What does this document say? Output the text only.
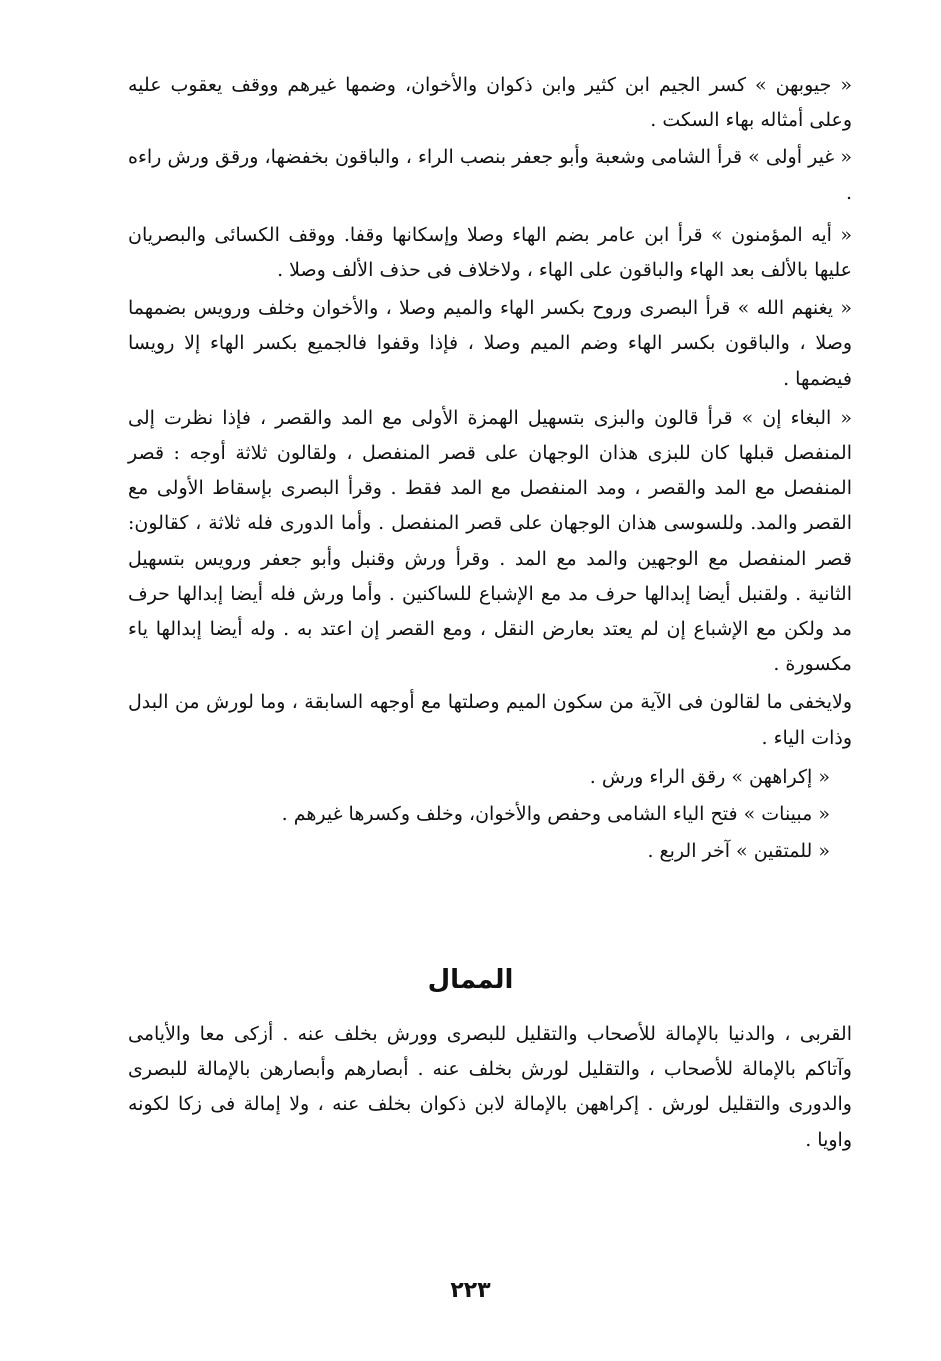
« جيوبهن » كسر الجيم ابن كثير وابن ذكوان والأخوان، وضمها غيرهم ووقف يعقوب عليه وعلى أمثاله بهاء السكت .

« غير أولى » قرأ الشامى وشعبة وأبو جعفر بنصب الراء ، والباقون بخفضها، ورقق ورش راءه .

« أيه المؤمنون » قرأ ابن عامر بضم الهاء وصلا وإسكانها وقفا. ووقف الكسائى والبصريان عليها بالألف بعد الهاء والباقون على الهاء ، ولاخلاف فى حذف الألف وصلا .

« يغنهم الله » قرأ البصرى وروح بكسر الهاء والميم وصلا ، والأخوان وخلف ورويس بضمهما وصلا ، والباقون بكسر الهاء وضم الميم وصلا ، فإذا وقفوا فالجميع بكسر الهاء إلا رويسا فيضمها .

« البغاء إن » قرأ قالون والبزى بتسهيل الهمزة الأولى مع المد والقصر ، فإذا نظرت إلى المنفصل قبلها كان للبزى هذان الوجهان على قصر المنفصل ، ولقالون ثلاثة أوجه : قصر المنفصل مع المد والقصر ، ومد المنفصل مع المد فقط . وقرأ البصرى بإسقاط الأولى مع القصر والمد. وللسوسى هذان الوجهان على قصر المنفصل . وأما الدورى فله ثلاثة ، كقالون: قصر المنفصل مع الوجهين والمد مع المد . وقرأ ورش وقنبل وأبو جعفر ورويس بتسهيل الثانية . ولقنبل أيضا إبدالها حرف مد مع الإشباع للساكنين . وأما ورش فله أيضا إبدالها حرف مد ولكن مع الإشباع إن لم يعتد بعارض النقل ، ومع القصر إن اعتد به . وله أيضا إبدالها ياء مكسورة .

ولايخفى ما لقالون فى الآية من سكون الميم وصلتها مع أوجهه السابقة ، وما لورش من البدل وذات الياء .

« إكراههن » رقق الراء ورش .

« مبينات » فتح الياء الشامى وحفص والأخوان، وخلف وكسرها غيرهم .

« للمتقين » آخر الربع .

الممال

القربى ، والدنيا بالإمالة للأصحاب والتقليل للبصرى وورش بخلف عنه . أزكى معا والأيامى وآتاكم بالإمالة للأصحاب ، والتقليل لورش بخلف عنه . أبصارهم وأبصارهن بالإمالة للبصرى والدورى والتقليل لورش . إكراههن بالإمالة لابن ذكوان بخلف عنه ، ولا إمالة فى زكا لكونه واويا .

٢٢٣
